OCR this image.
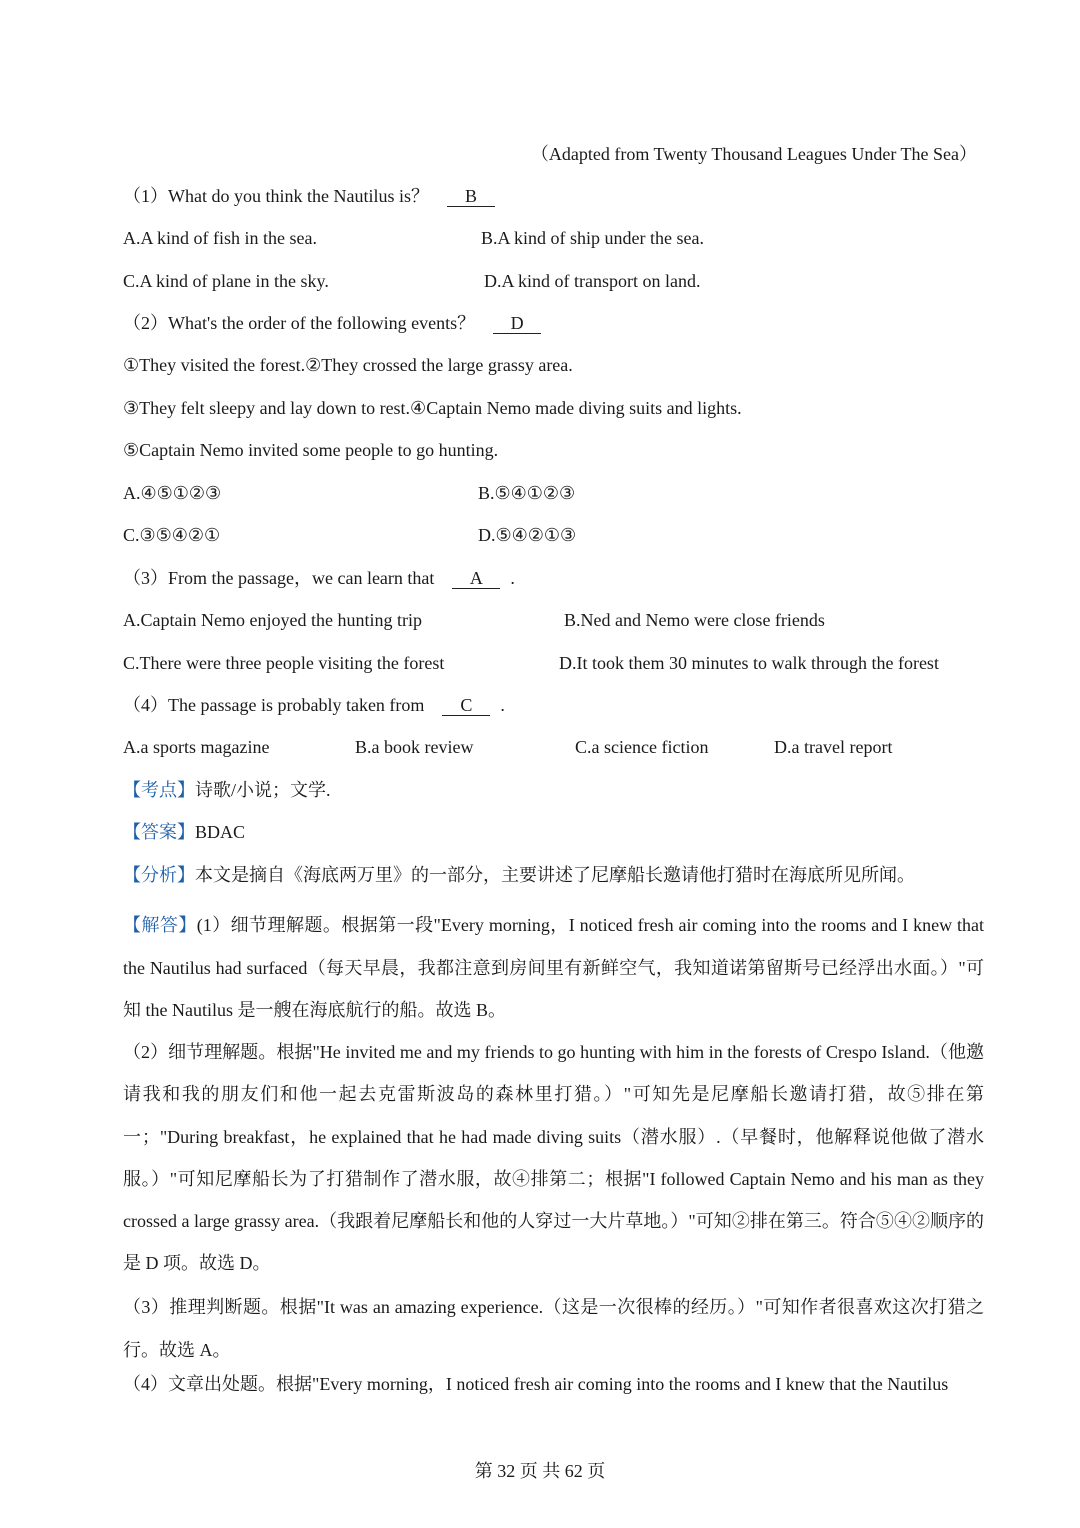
（Adapted from Twenty Thousand Leagues Under The Sea）
（1）What do you think the Nautilus is？ B
A.A kind of fish in the sea.	B.A kind of ship under the sea.
C.A kind of plane in the sky.	D.A kind of transport on land.
（2）What's the order of the following events？ D
①They visited the forest.②They crossed the large grassy area.
③They felt sleepy and lay down to rest.④Captain Nemo made diving suits and lights.
⑤Captain Nemo invited some people to go hunting.
A.④⑤①②③	B.⑤④①②③
C.③⑤④②①	D.⑤④②①③
（3）From the passage，we can learn that A .
A.Captain Nemo enjoyed the hunting trip	B.Ned and Nemo were close friends
C.There were three people visiting the forest	D.It took them 30 minutes to walk through the forest
（4）The passage is probably taken from C .
A.a sports magazine	B.a book review	C.a science fiction	D.a travel report
【考点】诗歌/小说；文学.
【答案】BDAC
【分析】本文是摘自《海底两万里》的一部分，主要讲述了尼摩船长邀请他打猎时在海底所见所闻。
【解答】(1）细节理解题。根据第一段"Every morning，I noticed fresh air coming into the rooms and I knew that the Nautilus had surfaced（每天早晨，我都注意到房间里有新鲜空气，我知道诺第留斯号已经浮出水面。）"可知 the Nautilus 是一艘在海底航行的船。故选 B。
（2）细节理解题。根据"He invited me and my friends to go hunting with him in the forests of Crespo Island.（他邀请我和我的朋友们和他一起去克雷斯波岛的森林里打猎。）"可知先是尼摩船长邀请打猎，故⑤排在第一；"During breakfast，he explained that he had made diving suits（潜水服）.（早餐时，他解释说他做了潜水服。）"可知尼摩船长为了打猎制作了潜水服，故④排第二；根据"I followed Captain Nemo and his man as they crossed a large grassy area.（我跟着尼摩船长和他的人穿过一大片草地。）"可知②排在第三。符合⑤④②顺序的是 D 项。故选 D。
（3）推理判断题。根据"It was an amazing experience.（这是一次很棒的经历。）"可知作者很喜欢这次打猎之行。故选 A。
（4）文章出处题。根据"Every morning，I noticed fresh air coming into the rooms and I knew that the Nautilus
第 32 页 共 62 页
